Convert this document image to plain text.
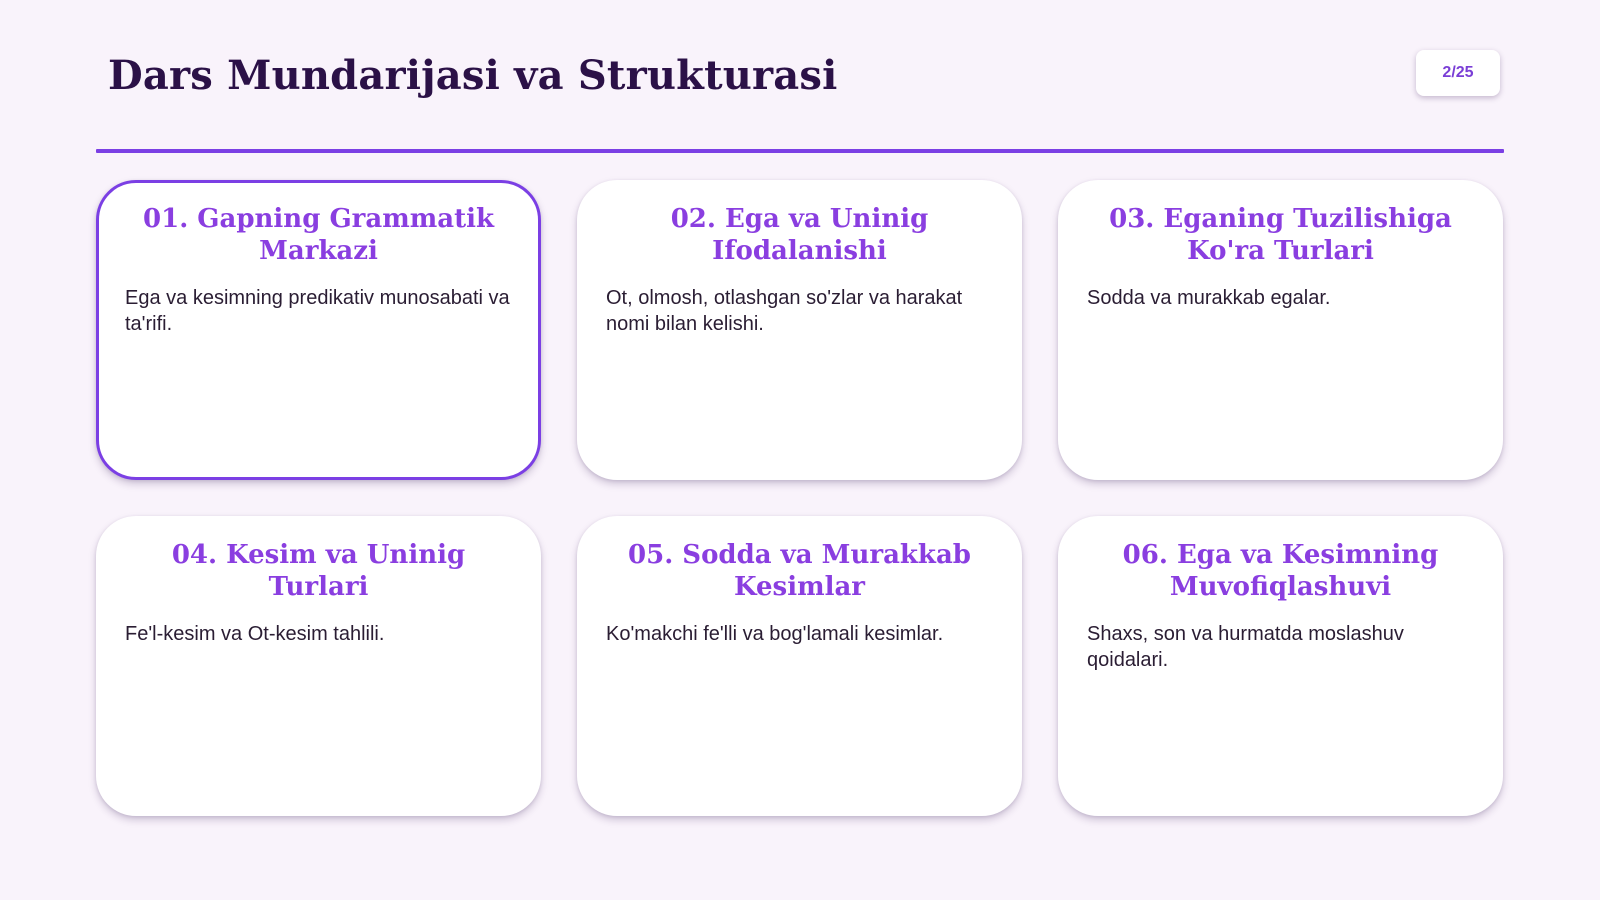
Dars Mundarijasi va Strukturasi	2/25
01. Gapning Grammatik Markazi

Ega va kesimning predikativ munosabati va ta'rifi.

02. Ega va Uninig Ifodalanishi

Ot, olmosh, otlashgan so'zlar va harakat nomi bilan kelishi.

03. Eganing Tuzilishiga Ko'ra Turlari

Sodda va murakkab egalar.

04. Kesim va Uninig Turlari

Fe'l-kesim va Ot-kesim tahlili.

05. Sodda va Murakkab Kesimlar

Ko'makchi fe'lli va bog'lamali kesimlar.

06. Ega va Kesimning Muvofiqlashuvi

Shaxs, son va hurmatda moslashuv qoidalari.
